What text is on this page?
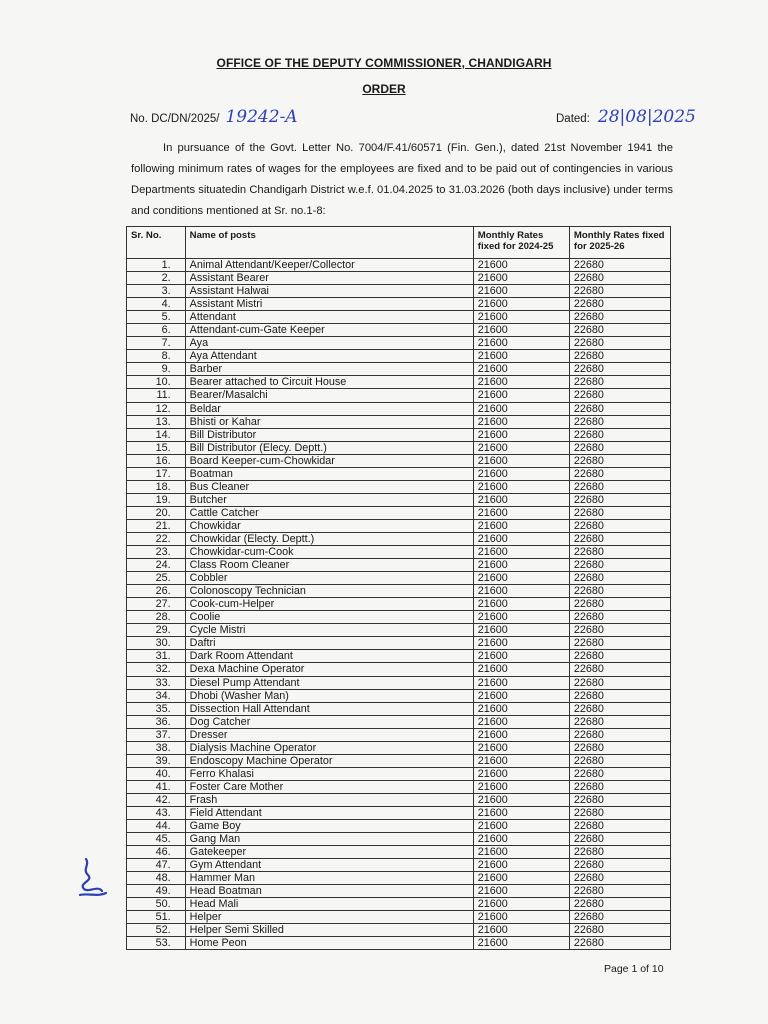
OFFICE OF THE DEPUTY COMMISSIONER, CHANDIGARH
ORDER
No. DC/DN/2025/ 19242-A	Dated: 28|08|2025
In pursuance of the Govt. Letter No. 7004/F.41/60571 (Fin. Gen.), dated 21st November 1941 the following minimum rates of wages for the employees are fixed and to be paid out of contingencies in various Departments situatedin Chandigarh District w.e.f. 01.04.2025 to 31.03.2026 (both days inclusive) under terms and conditions mentioned at Sr. no.1-8:
Sr. No.	Name of posts	Monthly Rates fixed for 2024-25	Monthly Rates fixed for 2025-26
1.	Animal Attendant/Keeper/Collector	21600	22680
2.	Assistant Bearer	21600	22680
3.	Assistant Halwai	21600	22680
4.	Assistant Mistri	21600	22680
5.	Attendant	21600	22680
6.	Attendant-cum-Gate Keeper	21600	22680
7.	Aya	21600	22680
8.	Aya Attendant	21600	22680
9.	Barber	21600	22680
10.	Bearer attached to Circuit House	21600	22680
11.	Bearer/Masalchi	21600	22680
12.	Beldar	21600	22680
13.	Bhisti or Kahar	21600	22680
14.	Bill Distributor	21600	22680
15.	Bill Distributor (Elecy. Deptt.)	21600	22680
16.	Board Keeper-cum-Chowkidar	21600	22680
17.	Boatman	21600	22680
18.	Bus Cleaner	21600	22680
19.	Butcher	21600	22680
20.	Cattle Catcher	21600	22680
21.	Chowkidar	21600	22680
22.	Chowkidar (Electy. Deptt.)	21600	22680
23.	Chowkidar-cum-Cook	21600	22680
24.	Class Room Cleaner	21600	22680
25.	Cobbler	21600	22680
26.	Colonoscopy Technician	21600	22680
27.	Cook-cum-Helper	21600	22680
28.	Coolie	21600	22680
29.	Cycle Mistri	21600	22680
30.	Daftri	21600	22680
31.	Dark Room Attendant	21600	22680
32.	Dexa Machine Operator	21600	22680
33.	Diesel Pump Attendant	21600	22680
34.	Dhobi (Washer Man)	21600	22680
35.	Dissection Hall Attendant	21600	22680
36.	Dog Catcher	21600	22680
37.	Dresser	21600	22680
38.	Dialysis Machine Operator	21600	22680
39.	Endoscopy Machine Operator	21600	22680
40.	Ferro Khalasi	21600	22680
41.	Foster Care Mother	21600	22680
42.	Frash	21600	22680
43.	Field Attendant	21600	22680
44.	Game Boy	21600	22680
45.	Gang Man	21600	22680
46.	Gatekeeper	21600	22680
47.	Gym Attendant	21600	22680
48.	Hammer Man	21600	22680
49.	Head Boatman	21600	22680
50.	Head Mali	21600	22680
51.	Helper	21600	22680
52.	Helper Semi Skilled	21600	22680
53.	Home Peon	21600	22680
Page 1 of 10
